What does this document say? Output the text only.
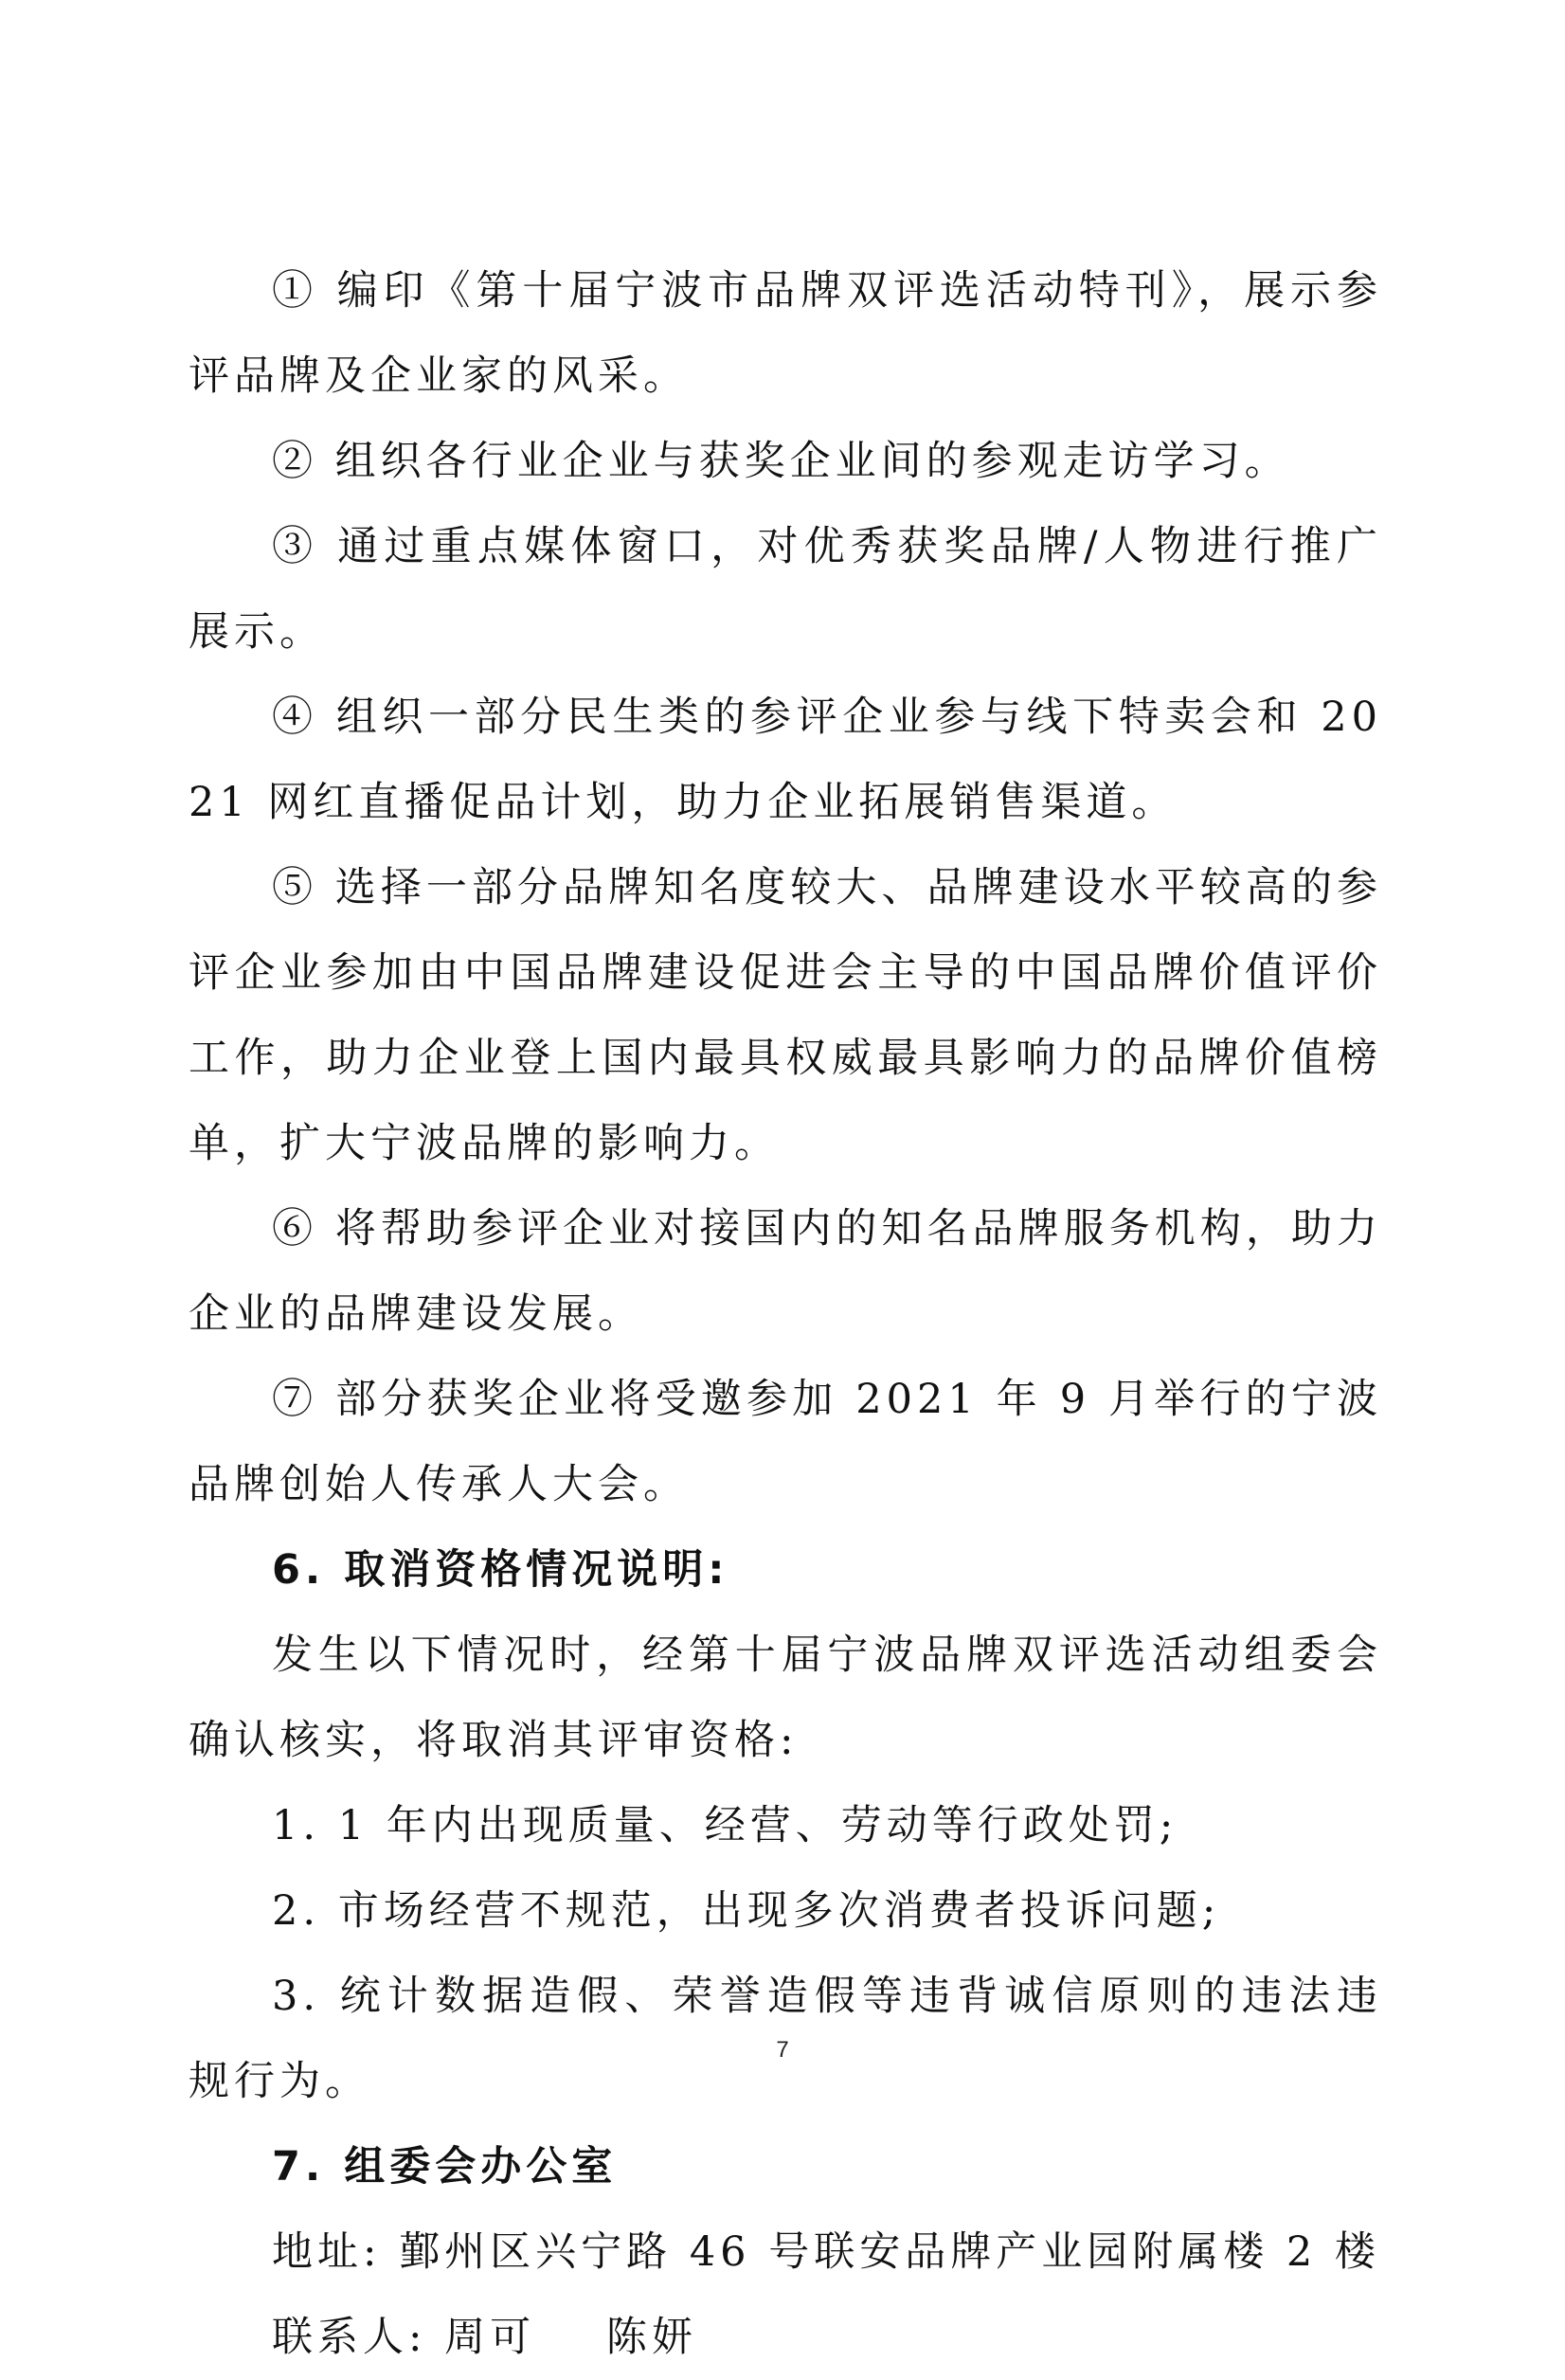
① 编印《第十届宁波市品牌双评选活动特刊》，展示参评品牌及企业家的风采。

② 组织各行业企业与获奖企业间的参观走访学习。

③ 通过重点媒体窗口，对优秀获奖品牌/人物进行推广展示。

④ 组织一部分民生类的参评企业参与线下特卖会和 2021 网红直播促品计划，助力企业拓展销售渠道。

⑤ 选择一部分品牌知名度较大、品牌建设水平较高的参评企业参加由中国品牌建设促进会主导的中国品牌价值评价工作，助力企业登上国内最具权威最具影响力的品牌价值榜单，扩大宁波品牌的影响力。

⑥ 将帮助参评企业对接国内的知名品牌服务机构，助力企业的品牌建设发展。

⑦ 部分获奖企业将受邀参加 2021 年 9 月举行的宁波品牌创始人传承人大会。

6. 取消资格情况说明:

发生以下情况时，经第十届宁波品牌双评选活动组委会确认核实，将取消其评审资格:

1. 1 年内出现质量、经营、劳动等行政处罚;

2. 市场经营不规范，出现多次消费者投诉问题;

3. 统计数据造假、荣誉造假等违背诚信原则的违法违规行为。

7. 组委会办公室

地址: 鄞州区兴宁路 46 号联安品牌产业园附属楼 2 楼

联系人: 周可    陈妍

7
